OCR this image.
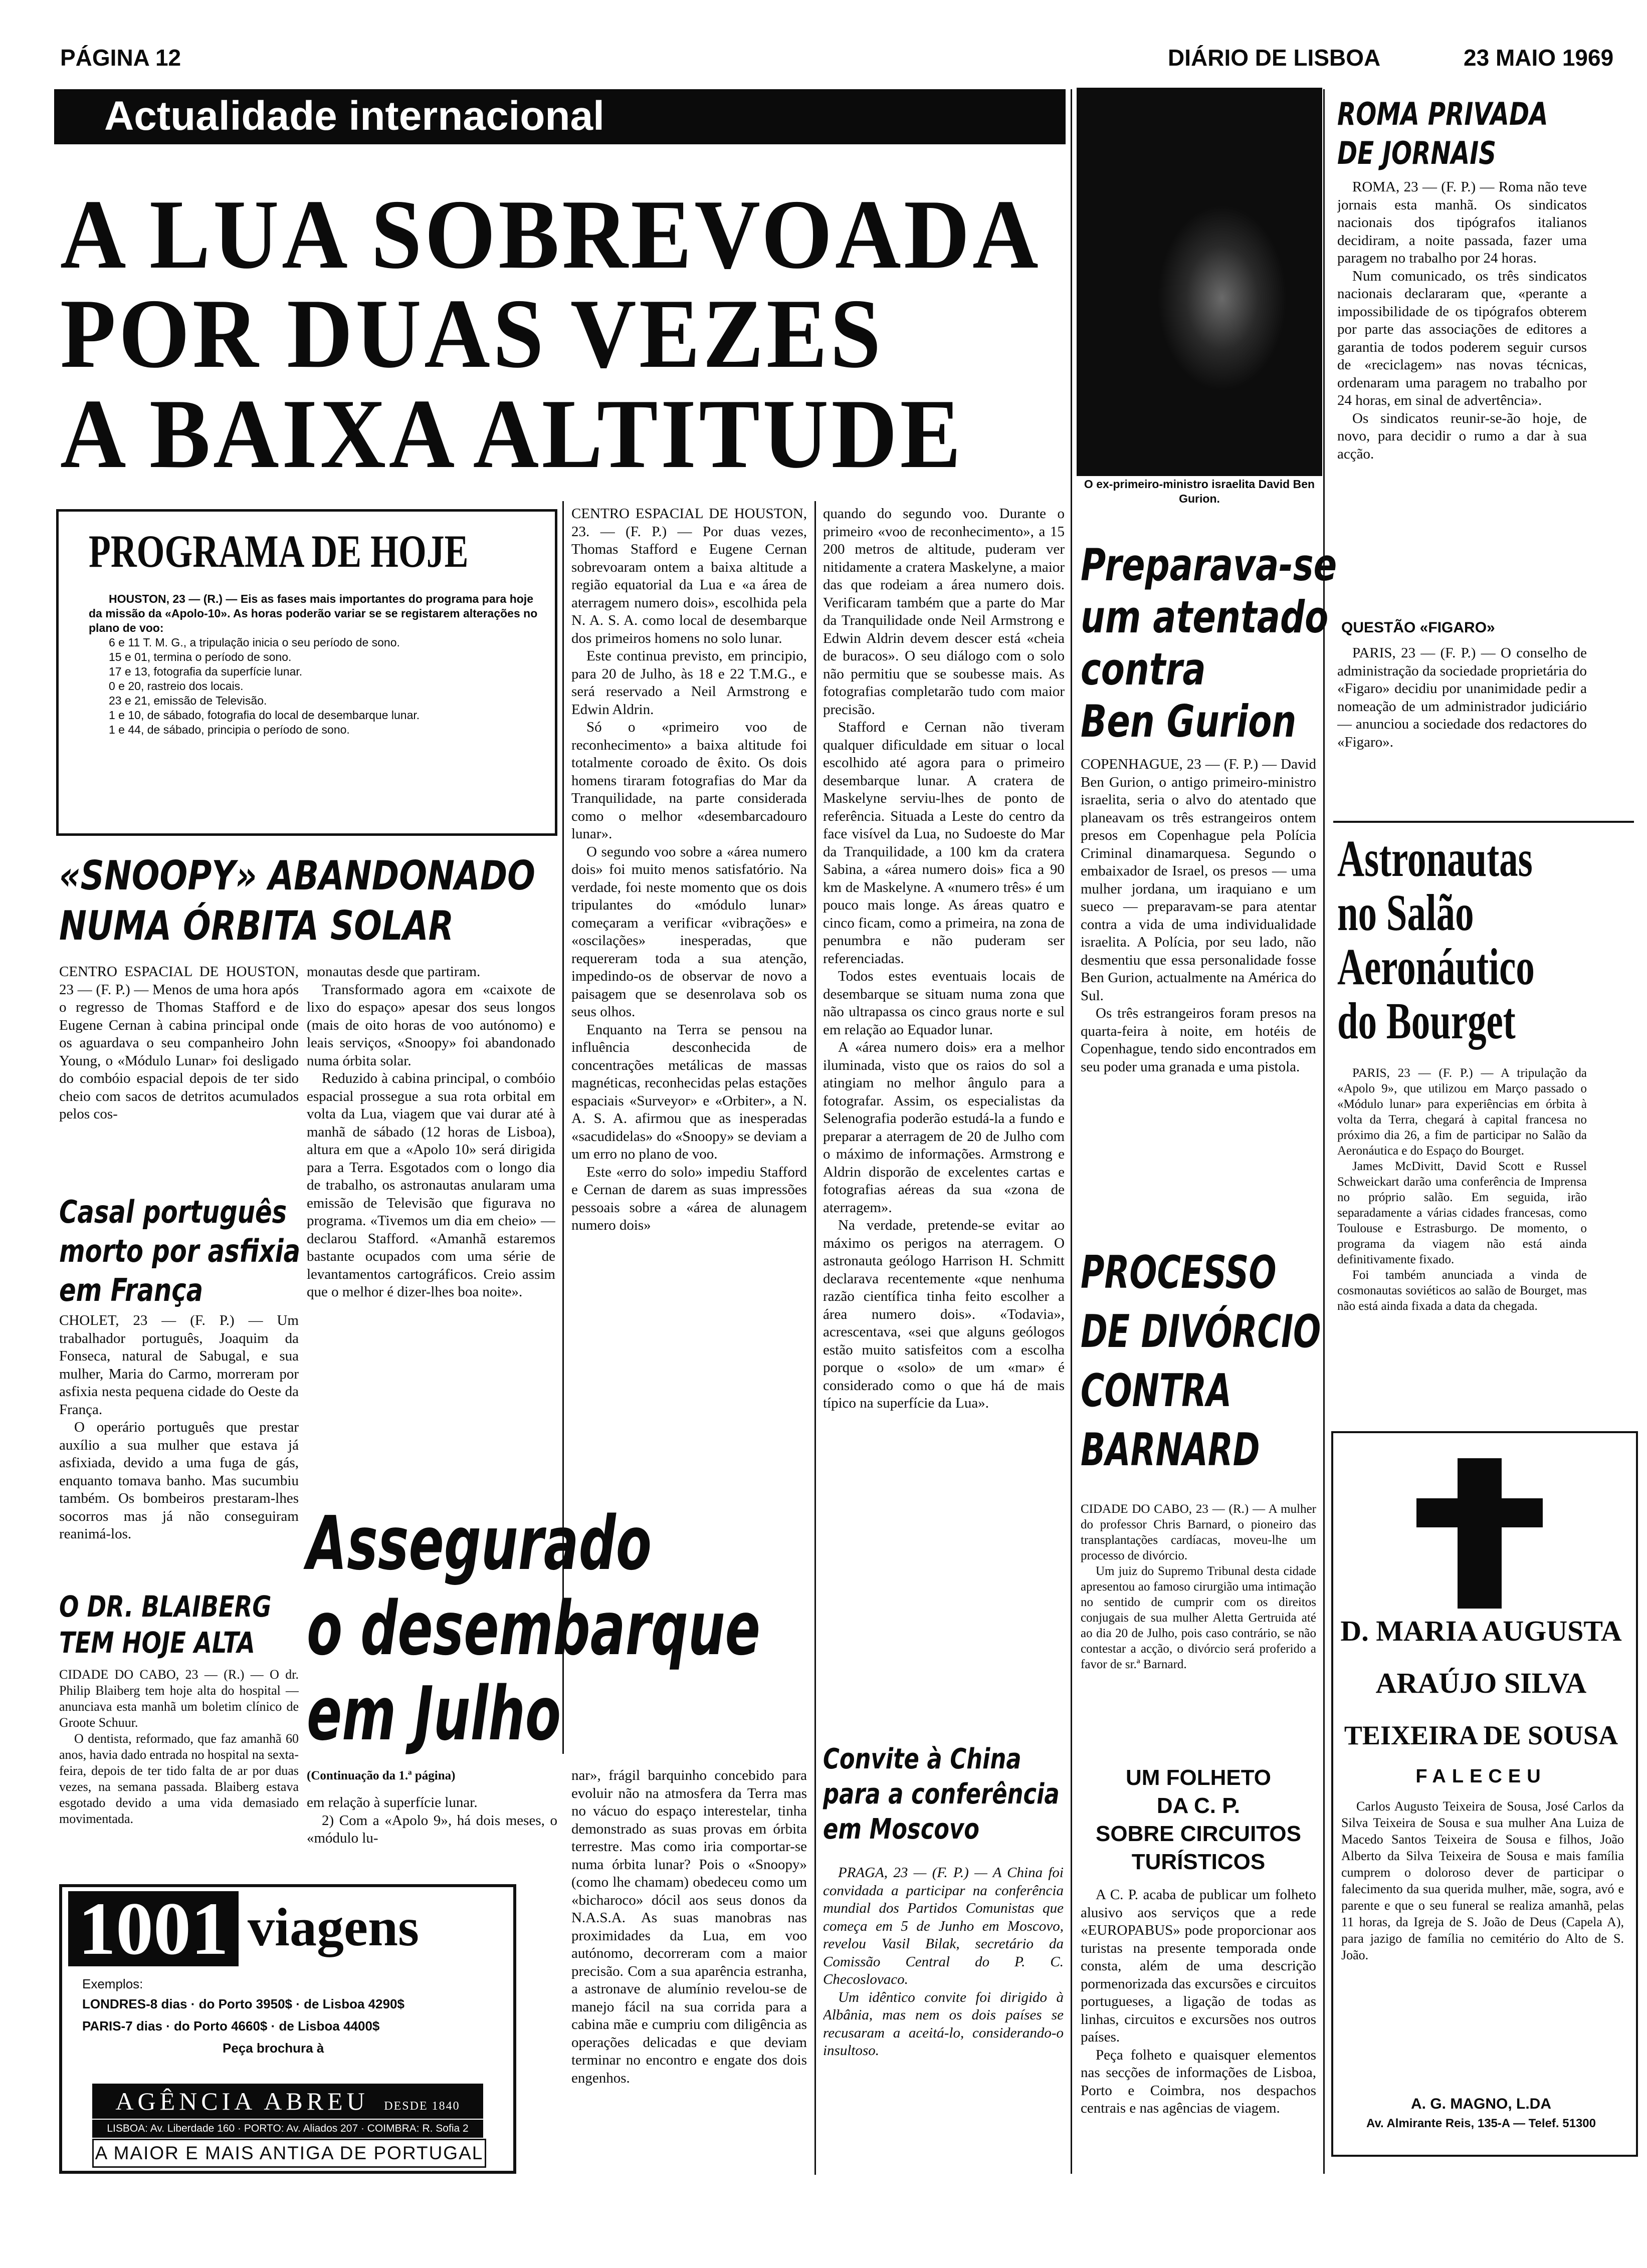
PÁGINA 12	DIÁRIO DE LISBOA	23 MAIO 1969
Actualidade internacional
A LUA SOBREVOADA
POR DUAS VEZES
A BAIXA ALTITUDE	O ex-primeiro-ministro israelita David Ben Gurion.
PROGRAMA DE HOJE

HOUSTON, 23 — (R.) — Eis as fases mais importantes do programa para hoje da missão da «Apolo-10». As horas poderão variar se se registarem alterações no plano de voo:

6 e 11 T. M. G., a tripulação inicia o seu período de sono.

15 e 01, termina o período de sono.

17 e 13, fotografia da superfície lunar.

0 e 20, rastreio dos locais.

23 e 21, emissão de Televisão.

1 e 10, de sábado, fotografia do local de desembarque lunar.

1 e 44, de sábado, principia o período de sono.

CENTRO ESPACIAL DE HOUSTON, 23. — (F. P.) — Por duas vezes, Thomas Stafford e Eugene Cernan sobrevoaram ontem a baixa altitude a região equatorial da Lua e «a área de aterragem numero dois», escolhida pela N. A. S. A. como local de desembarque dos primeiros homens no solo lunar.

Este continua previsto, em principio, para 20 de Julho, às 18 e 22 T.M.G., e será reservado a Neil Armstrong e Edwin Aldrin.

Só o «primeiro voo de reconhecimento» a baixa altitude foi totalmente coroado de êxito. Os dois homens tiraram fotografias do Mar da Tranquilidade, na parte considerada como o melhor «desembarcadouro lunar».

O segundo voo sobre a «área numero dois» foi muito menos satisfatório. Na verdade, foi neste momento que os dois tripulantes do «módulo lunar» começaram a verificar «vibrações» e «oscilações» inesperadas, que requereram toda a sua atenção, impedindo-os de observar de novo a paisagem que se desenrolava sob os seus olhos.

Enquanto na Terra se pensou na influência desconhecida de concentrações metálicas de massas magnéticas, reconhecidas pelas estações espaciais «Surveyor» e «Orbiter», a N. A. S. A. afirmou que as inesperadas «sacudidelas» do «Snoopy» se deviam a um erro no plano de voo.

Este «erro do solo» impediu Stafford e Cernan de darem as suas impressões pessoais sobre a «área de alunagem numero dois»

quando do segundo voo. Durante o primeiro «voo de reconhecimento», a 15 200 metros de altitude, puderam ver nitidamente a cratera Maskelyne, a maior das que rodeiam a área numero dois. Verificaram também que a parte do Mar da Tranquilidade onde Neil Armstrong e Edwin Aldrin devem descer está «cheia de buracos». O seu diálogo com o solo não permitiu que se soubesse mais. As fotografias completarão tudo com maior precisão.

Stafford e Cernan não tiveram qualquer dificuldade em situar o local escolhido até agora para o primeiro desembarque lunar. A cratera de Maskelyne serviu-lhes de ponto de referência. Situada a Leste do centro da face visível da Lua, no Sudoeste do Mar da Tranquilidade, a 100 km da cratera Sabina, a «área numero dois» fica a 90 km de Maskelyne. A «numero três» é um pouco mais longe. As áreas quatro e cinco ficam, como a primeira, na zona de penumbra e não puderam ser referenciadas.

Todos estes eventuais locais de desembarque se situam numa zona que não ultrapassa os cinco graus norte e sul em relação ao Equador lunar.

A «área numero dois» era a melhor iluminada, visto que os raios do sol a atingiam no melhor ângulo para a fotografar. Assim, os especialistas da Selenografia poderão estudá-la a fundo e preparar a aterragem de 20 de Julho com o máximo de informações. Armstrong e Aldrin disporão de excelentes cartas e fotografias aéreas da sua «zona de aterragem».

Na verdade, pretende-se evitar ao máximo os perigos na aterragem. O astronauta geólogo Harrison H. Schmitt declarava recentemente «que nenhuma razão científica tinha feito escolher a área numero dois». «Todavia», acrescentava, «sei que alguns geólogos estão muito satisfeitos com a escolha porque o «solo» de um «mar» é considerado como o que há de mais típico na superfície da Lua».

«SNOOPY» ABANDONADO
NUMA ÓRBITA SOLAR

CENTRO ESPACIAL DE HOUSTON, 23 — (F. P.) — Menos de uma hora após o regresso de Thomas Stafford e de Eugene Cernan à cabina principal onde os aguardava o seu companheiro John Young, o «Módulo Lunar» foi desligado do combóio espacial depois de ter sido cheio com sacos de detritos acumulados pelos cos-

monautas desde que partiram.

Transformado agora em «caixote de lixo do espaço» apesar dos seus longos (mais de oito horas de voo autónomo) e leais serviços, «Snoopy» foi abandonado numa órbita solar.

Reduzido à cabina principal, o combóio espacial prossegue a sua rota orbital em volta da Lua, viagem que vai durar até à manhã de sábado (12 horas de Lisboa), altura em que a «Apolo 10» será dirigida para a Terra. Esgotados com o longo dia de trabalho, os astronautas anularam uma emissão de Televisão que figurava no programa. «Tivemos um dia em cheio» — declarou Stafford. «Amanhã estaremos bastante ocupados com uma série de levantamentos cartográficos. Creio assim que o melhor é dizer-lhes boa noite».

Casal português
morto por asfixia
em França

CHOLET, 23 — (F. P.) — Um trabalhador português, Joaquim da Fonseca, natural de Sabugal, e sua mulher, Maria do Carmo, morreram por asfixia nesta pequena cidade do Oeste da França.

O operário português que prestar auxílio a sua mulher que estava já asfixiada, devido a uma fuga de gás, enquanto tomava banho. Mas sucumbiu também. Os bombeiros prestaram-lhes socorros mas já não conseguiram reanimá-los.

O DR. BLAIBERG
TEM HOJE ALTA

CIDADE DO CABO, 23 — (R.) — O dr. Philip Blaiberg tem hoje alta do hospital — anunciava esta manhã um boletim clínico de Groote Schuur.

O dentista, reformado, que faz amanhã 60 anos, havia dado entrada no hospital na sexta-feira, depois de ter tido falta de ar por duas vezes, na semana passada. Blaiberg estava esgotado devido a uma vida demasiado movimentada.

Assegurado
o desembarque
em Julho
(Continuação da 1.ª página)

em relação à superfície lunar.

2) Com a «Apolo 9», há dois meses, o «módulo lu-

nar», frágil barquinho concebido para evoluir não na atmosfera da Terra mas no vácuo do espaço interestelar, tinha demonstrado as suas provas em órbita terrestre. Mas como iria comportar-se numa órbita lunar? Pois o «Snoopy» (como lhe chamam) obedeceu como um «bicharoco» dócil aos seus donos da N.A.S.A. As suas manobras nas proximidades da Lua, em voo autónomo, decorreram com a maior precisão. Com a sua aparência estranha, a astronave de alumínio revelou-se de manejo fácil na sua corrida para a cabina mãe e cumpriu com diligência as operações delicadas e que deviam terminar no encontro e engate dos dois engenhos.

1001 viagens
Exemplos:
LONDRES-8 dias · do Porto 3950$ · de Lisboa 4290$
PARIS-7 dias · do Porto 4660$ · de Lisboa 4400$
Peça brochura à
AGÊNCIA ABREU DESDE 1840
LISBOA: Av. Liberdade 160 · PORTO: Av. Aliados 207 · COIMBRA: R. Sofia 2
A MAIOR E MAIS ANTIGA DE PORTUGAL
Preparava-se
um atentado
contra
Ben Gurion

COPENHAGUE, 23 — (F. P.) — David Ben Gurion, o antigo primeiro-ministro israelita, seria o alvo do atentado que planeavam os três estrangeiros ontem presos em Copenhague pela Polícia Criminal dinamarquesa. Segundo o embaixador de Israel, os presos — uma mulher jordana, um iraquiano e um sueco — preparavam-se para atentar contra a vida de uma individualidade israelita. A Polícia, por seu lado, não desmentiu que essa personalidade fosse Ben Gurion, actualmente na América do Sul.

Os três estrangeiros foram presos na quarta-feira à noite, em hotéis de Copenhague, tendo sido encontrados em seu poder uma granada e uma pistola.

PROCESSO
DE DIVÓRCIO
CONTRA
BARNARD

CIDADE DO CABO, 23 — (R.) — A mulher do professor Chris Barnard, o pioneiro das transplantações cardíacas, moveu-lhe um processo de divórcio.

Um juiz do Supremo Tribunal desta cidade apresentou ao famoso cirurgião uma intimação no sentido de cumprir com os direitos conjugais de sua mulher Aletta Gertruida até ao dia 20 de Julho, pois caso contrário, se não contestar a acção, o divórcio será proferido a favor de sr.ª Barnard.

UM FOLHETO
DA C. P.
SOBRE CIRCUITOS
TURÍSTICOS

A C. P. acaba de publicar um folheto alusivo aos serviços que a rede «EUROPABUS» pode proporcionar aos turistas na presente temporada onde consta, além de uma descrição pormenorizada das excursões e circuitos portugueses, a ligação de todas as linhas, circuitos e excursões nos outros países.

Peça folheto e quaisquer elementos nas secções de informações de Lisboa, Porto e Coimbra, nos despachos centrais e nas agências de viagem.

Convite à China
para a conferência
em Moscovo

PRAGA, 23 — (F. P.) — A China foi convidada a participar na conferência mundial dos Partidos Comunistas que começa em 5 de Junho em Moscovo, revelou Vasil Bilak, secretário da Comissão Central do P. C. Checoslovaco.

Um idêntico convite foi dirigido à Albânia, mas nem os dois países se recusaram a aceitá-lo, considerando-o insultoso.

ROMA PRIVADA
DE JORNAIS

ROMA, 23 — (F. P.) — Roma não teve jornais esta manhã. Os sindicatos nacionais dos tipógrafos italianos decidiram, a noite passada, fazer uma paragem no trabalho por 24 horas.

Num comunicado, os três sindicatos nacionais declararam que, «perante a impossibilidade de os tipógrafos obterem por parte das associações de editores a garantia de todos poderem seguir cursos de «reciclagem» nas novas técnicas, ordenaram uma paragem no trabalho por 24 horas, em sinal de advertência».

Os sindicatos reunir-se-ão hoje, de novo, para decidir o rumo a dar à sua acção.

QUESTÃO «FIGARO»

PARIS, 23 — (F. P.) — O conselho de administração da sociedade proprietária do «Figaro» decidiu por unanimidade pedir a nomeação de um administrador judiciário — anunciou a sociedade dos redactores do «Figaro».

Astronautas
no Salão
Aeronáutico
do Bourget

PARIS, 23 — (F. P.) — A tripulação da «Apolo 9», que utilizou em Março passado o «Módulo lunar» para experiências em órbita à volta da Terra, chegará à capital francesa no próximo dia 26, a fim de participar no Salão da Aeronáutica e do Espaço do Bourget.

James McDivitt, David Scott e Russel Schweickart darão uma conferência de Imprensa no próprio salão. Em seguida, irão separadamente a várias cidades francesas, como Toulouse e Estrasburgo. De momento, o programa da viagem não está ainda definitivamente fixado.

Foi também anunciada a vinda de cosmonautas soviéticos ao salão de Bourget, mas não está ainda fixada a data da chegada.

D. MARIA AUGUSTA
ARAÚJO SILVA
TEIXEIRA DE SOUSA
FALECEU

Carlos Augusto Teixeira de Sousa, José Carlos da Silva Teixeira de Sousa e sua mulher Ana Luiza de Macedo Santos Teixeira de Sousa e filhos, João Alberto da Silva Teixeira de Sousa e mais família cumprem o doloroso dever de participar o falecimento da sua querida mulher, mãe, sogra, avó e parente e que o seu funeral se realiza amanhã, pelas 11 horas, da Igreja de S. João de Deus (Capela A), para jazigo de família no cemitério do Alto de S. João.

A. G. MAGNO, L.DA
Av. Almirante Reis, 135-A — Telef. 51300
